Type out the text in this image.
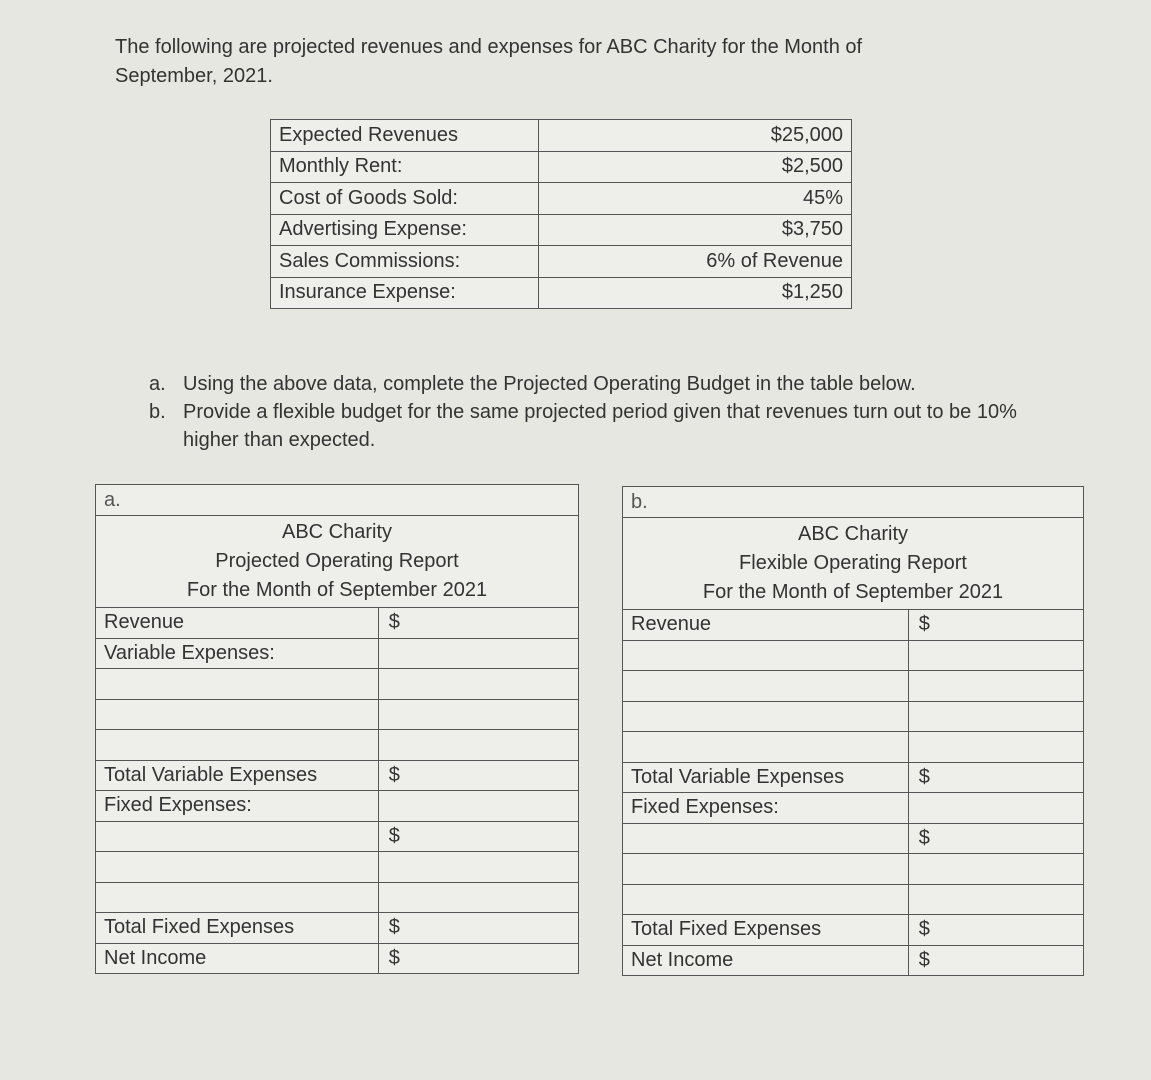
The following are projected revenues and expenses for ABC Charity for the Month of
September, 2021.
Expected Revenues	$25,000
Monthly Rent:	$2,500
Cost of Goods Sold:	45%
Advertising Expense:	$3,750
Sales Commissions:	6% of Revenue
Insurance Expense:	$1,250
a. Using the above data, complete the Projected Operating Budget in the table below.
b. Provide a flexible budget for the same projected period given that revenues turn out to be 10% higher than expected.
a.	

ABC Charity
Projected Operating Report
For the Month of September 2021	

Revenue	$
Variable Expenses:	

Total Variable Expenses	$
Fixed Expenses:	
	$

Total Fixed Expenses	$
Net Income	$
b.	

ABC Charity
Flexible Operating Report
For the Month of September 2021	

Revenue	$

Total Variable Expenses	$
Fixed Expenses:	
	$

Total Fixed Expenses	$
Net Income	$
